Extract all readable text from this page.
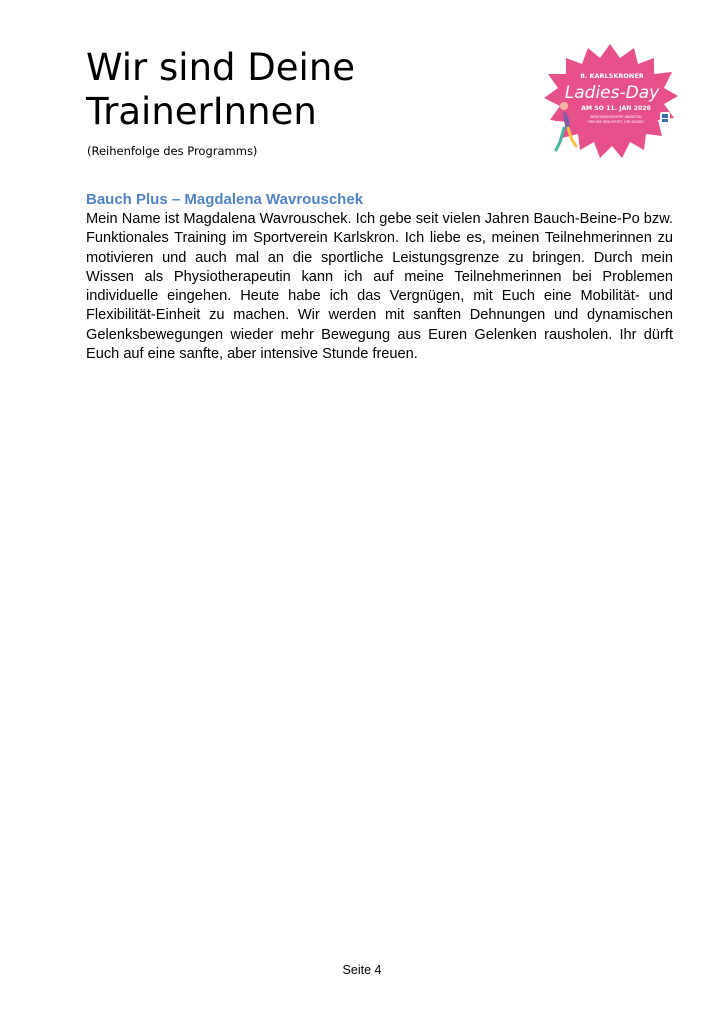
Wir sind Deine TrainerInnen
(Reihenfolge des Programms)
8. KARLSKRONER
Ladies-Day
AM SO 11. JAN 2026
BEGEGNUNGSORTE ANBIETEN
FREUDE DEN SPORT, DIR SELBST
Bauch Plus – Magdalena Wavrouschek

Mein Name ist Magdalena Wavrouschek. Ich gebe seit vielen Jahren Bauch-Beine-Po bzw. Funktionales Training im Sportverein Karlskron. Ich liebe es, meinen Teilnehmerinnen zu motivieren und auch mal an die sportliche Leistungsgrenze zu bringen. Durch mein Wissen als Physiotherapeutin kann ich auf meine Teilnehmerinnen bei Problemen individuelle eingehen. Heute habe ich das Vergnügen, mit Euch eine Mobilität- und Flexibilität-Einheit zu machen. Wir werden mit sanften Dehnungen und dynamischen Gelenksbewegungen wieder mehr Bewegung aus Euren Gelenken rausholen. Ihr dürft Euch auf eine sanfte, aber intensive Stunde freuen.

Seite 4
